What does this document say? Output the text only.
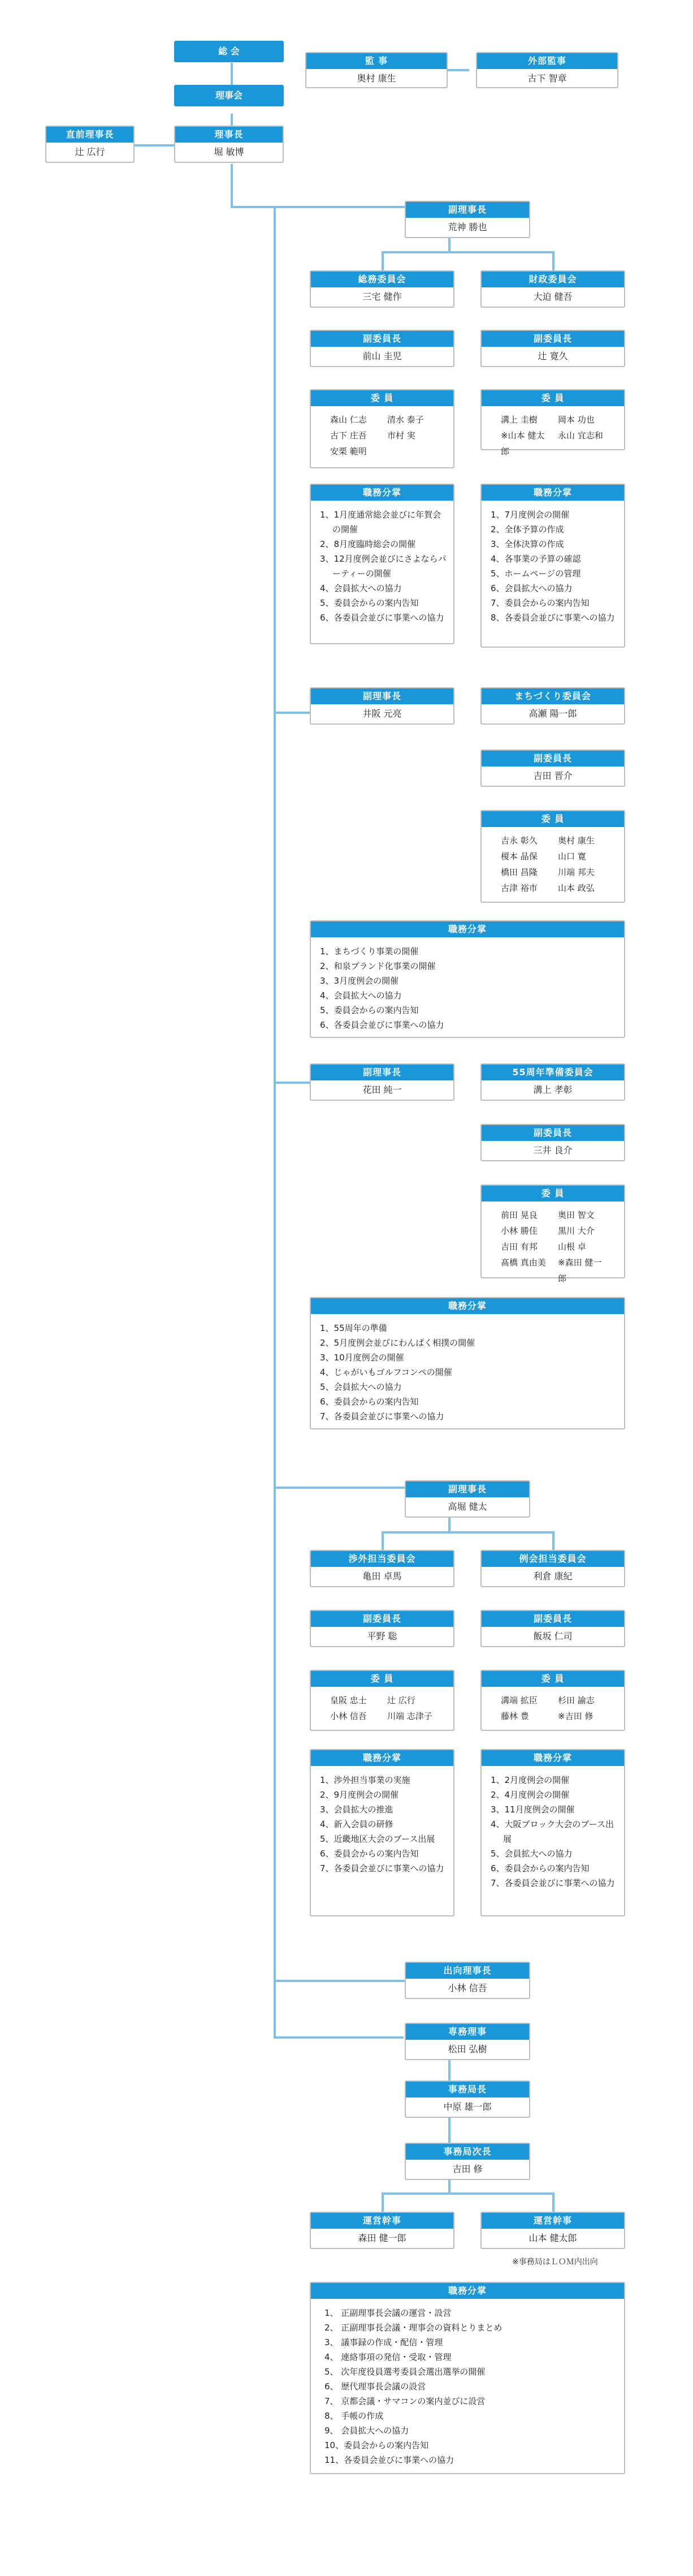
総 会
監 事
奥村 康生
外部監事
古下 智章
理事会
直前理事長
辻 広行
理事長
堀 敏博
副理事長
荒神 勝也
総務委員会
三宅 健作
財政委員会
大迫 健吾
副委員長
前山 圭児
副委員長
辻 寛久
委 員
森山 仁志	清水 泰子
古下 庄吾	市村 実
安栗 範明
委 員
溝上 圭樹	岡本 功也
※山本 健太郎
永山 宜志和
職務分掌
1、1月度通常総会並びに年賀会の開催
2、8月度臨時総会の開催
3、12月度例会並びにさよならパーティーの開催
4、会員拡大への協力
5、委員会からの案内告知
6、各委員会並びに事業への協力
職務分掌
1、7月度例会の開催
2、全体予算の作成
3、全体決算の作成
4、各事業の予算の確認
5、ホームページの管理
6、会員拡大への協力
7、委員会からの案内告知
8、各委員会並びに事業への協力
副理事長
井阪 元亮
まちづくり委員会
高瀬 陽一郎
副委員長
吉田 晋介
委 員
吉永 彰久	奥村 康生
榎本 晶保	山口 寛
橋田 昌隆	川端 邦夫
古津 裕市	山本 政弘
職務分掌
1、まちづくり事業の開催
2、和泉ブランド化事業の開催
3、3月度例会の開催
4、会員拡大への協力
5、委員会からの案内告知
6、各委員会並びに事業への協力
副理事長
花田 純一
55周年準備委員会
溝上 孝彰
副委員長
三井 良介
委 員
前田 晃良	奥田 智文
小林 勝佳	黒川 大介
吉田 有邦	山根 卓
髙橋 真由美	※森田 健一郎
職務分掌
1、55周年の準備
2、5月度例会並びにわんぱく相撲の開催
3、10月度例会の開催
4、じゃがいもゴルフコンペの開催
5、会員拡大への協力
6、委員会からの案内告知
7、各委員会並びに事業への協力
副理事長
高堀 健太
渉外担当委員会
亀田 卓馬
例会担当委員会
利倉 康紀
副委員長
平野 聡
副委員長
飯坂 仁司
委 員
皇阪 忠士	辻 広行
小林 信吾	川端 志津子
委 員
溝端 拡臣	杉田 諭志
藤林 豊	※吉田 修
職務分掌
1、渉外担当事業の実施
2、9月度例会の開催
3、会員拡大の推進
4、新入会員の研修
5、近畿地区大会のブース出展
6、委員会からの案内告知
7、各委員会並びに事業への協力
職務分掌
1、2月度例会の開催
2、4月度例会の開催
3、11月度例会の開催
4、大阪ブロック大会のブース出展
5、会員拡大への協力
6、委員会からの案内告知
7、各委員会並びに事業への協力
出向理事長
小林 信吾
専務理事
松田 弘樹
事務局長
中原 雄一郎
事務局次長
吉田 修
運営幹事
森田 健一郎
運営幹事
山本 健太郎
※事務局はＬＯＭ内出向
職務分掌
1、 正副理事長会議の運営・設営
2、 正副理事長会議・理事会の資料とりまとめ
3、 議事録の作成・配信・管理
4、 連絡事項の発信・受取・管理
5、 次年度役員選考委員会選出選挙の開催
6、 歴代理事長会議の設営
7、 京都会議・サマコンの案内並びに設営
8、 手帳の作成
9、 会員拡大への協力
10、委員会からの案内告知
11、各委員会並びに事業への協力
